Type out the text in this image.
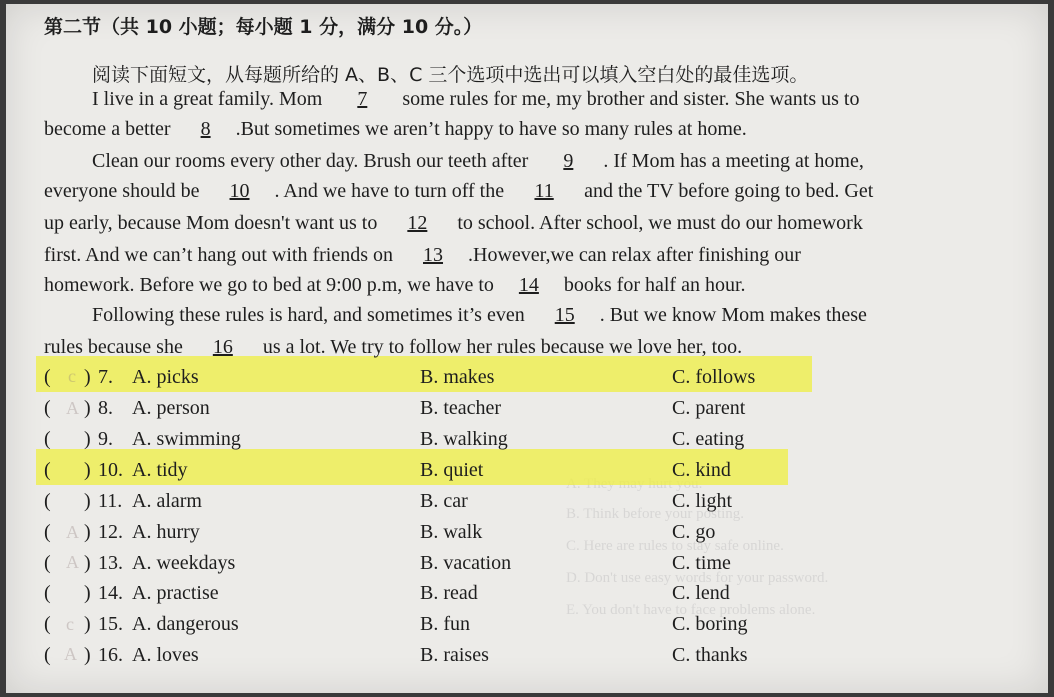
B. Think before your posting.
C. Here are rules to stay safe online.
D. Don't use easy words for your password.
E. You don't have to face problems alone.
第二节（共 10 小题；每小题 1 分，满分 10 分。）
阅读下面短文，从每题所给的 A、B、C 三个选项中选出可以填入空白处的最佳选项。
I live in a great family. Mom 7 some rules for me, my brother and sister. She wants us to
become a better 8 .But sometimes we aren’t happy to have so many rules at home.
Clean our rooms every other day. Brush our teeth after 9 . If Mom has a meeting at home,
everyone should be 10 . And we have to turn off the 11 and the TV before going to bed. Get
up early, because Mom doesn't want us to 12 to school. After school, we must do our homework
first. And we can’t hang out with friends on 13 .However,we can relax after finishing our
homework. Before we go to bed at 9:00 p.m, we have to 14 books for half an hour.
Following these rules is hard, and sometimes it’s even 15 . But we know Mom makes these
rules because she 16 us a lot. We try to follow her rules because we love her, too.
( ) 7. A. picks	B. makes	C. follows
( ) 8. A. person	B. teacher	C. parent
( ) 9. A. swimming	B. walking	C. eating
( ) 10. A. tidy	B. quiet	C. kind
( ) 11. A. alarm	B. car	C. light
( ) 12. A. hurry	B. walk	C. go
( ) 13. A. weekdays	B. vacation	C. time
( ) 14. A. practise	B. read	C. lend
( ) 15. A. dangerous	B. fun	C. boring
( ) 16. A. loves	B. raises	C. thanks
c
A
A
A
c
A
